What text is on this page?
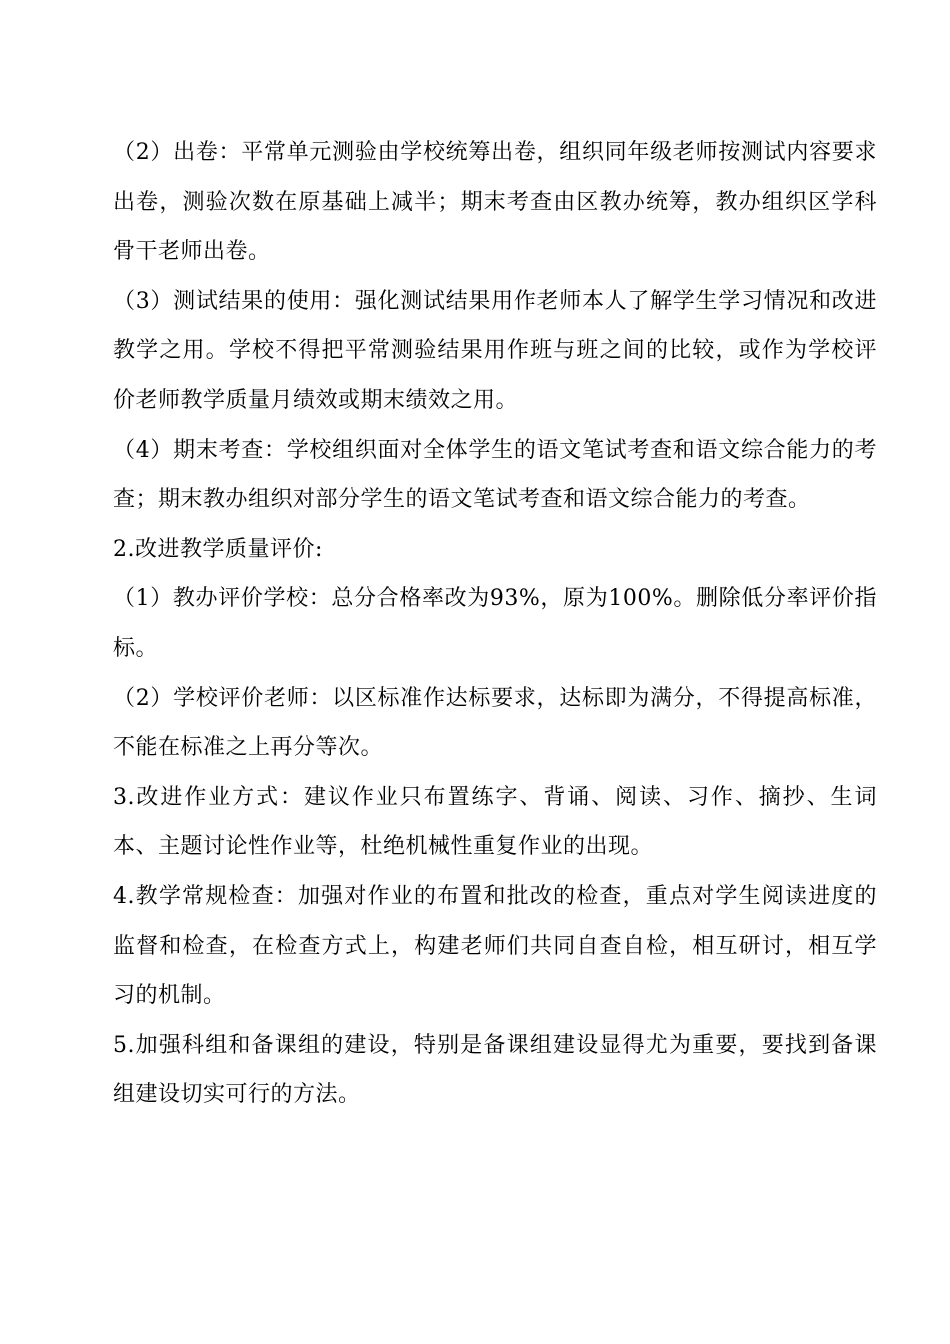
（2）出卷：平常单元测验由学校统筹出卷，组织同年级老师按测试内容要求出卷，测验次数在原基础上减半；期末考查由区教办统筹，教办组织区学科骨干老师出卷。

（3）测试结果的使用：强化测试结果用作老师本人了解学生学习情况和改进教学之用。学校不得把平常测验结果用作班与班之间的比较，或作为学校评价老师教学质量月绩效或期末绩效之用。

（4）期末考查：学校组织面对全体学生的语文笔试考查和语文综合能力的考查；期末教办组织对部分学生的语文笔试考查和语文综合能力的考查。

2.改进教学质量评价:

（1）教办评价学校：总分合格率改为93%，原为100%。删除低分率评价指标。

（2）学校评价老师：以区标准作达标要求，达标即为满分，不得提高标准，不能在标准之上再分等次。

3.改进作业方式：建议作业只布置练字、背诵、阅读、习作、摘抄、生词本、主题讨论性作业等，杜绝机械性重复作业的出现。

4.教学常规检查：加强对作业的布置和批改的检查，重点对学生阅读进度的监督和检查，在检查方式上，构建老师们共同自查自检，相互研讨，相互学习的机制。

5.加强科组和备课组的建设，特别是备课组建设显得尤为重要，要找到备课组建设切实可行的方法。
